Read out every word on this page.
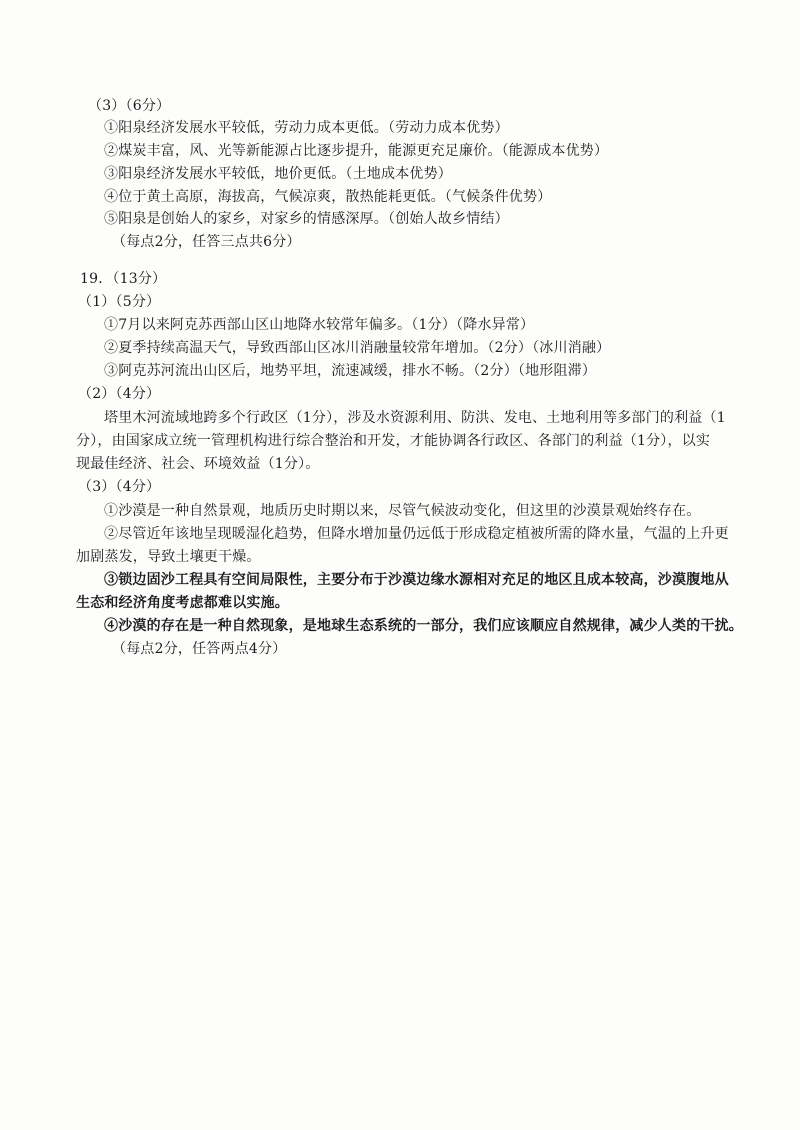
（3）（6分）
①阳泉经济发展水平较低，劳动力成本更低。（劳动力成本优势）
②煤炭丰富，风、光等新能源占比逐步提升，能源更充足廉价。（能源成本优势）
③阳泉经济发展水平较低，地价更低。（土地成本优势）
④位于黄土高原，海拔高，气候凉爽，散热能耗更低。（气候条件优势）
⑤阳泉是创始人的家乡，对家乡的情感深厚。（创始人故乡情结）
（每点2分，任答三点共6分）
19．（13分）
（1）（5分）
①7月以来阿克苏西部山区山地降水较常年偏多。（1分）（降水异常）
②夏季持续高温天气，导致西部山区冰川消融量较常年增加。（2分）（冰川消融）
③阿克苏河流出山区后，地势平坦，流速减缓，排水不畅。（2分）（地形阻滞）
（2）（4分）
塔里木河流域地跨多个行政区（1分），涉及水资源利用、防洪、发电、土地利用等多部门的利益（1
分），由国家成立统一管理机构进行综合整治和开发，才能协调各行政区、各部门的利益（1分），以实
现最佳经济、社会、环境效益（1分）。
（3）（4分）
①沙漠是一种自然景观，地质历史时期以来，尽管气候波动变化，但这里的沙漠景观始终存在。
②尽管近年该地呈现暖湿化趋势，但降水增加量仍远低于形成稳定植被所需的降水量，气温的上升更
加剧蒸发，导致土壤更干燥。
③锁边固沙工程具有空间局限性，主要分布于沙漠边缘水源相对充足的地区且成本较高，沙漠腹地从
生态和经济角度考虑都难以实施。
④沙漠的存在是一种自然现象，是地球生态系统的一部分，我们应该顺应自然规律，减少人类的干扰。
（每点2分，任答两点4分）
